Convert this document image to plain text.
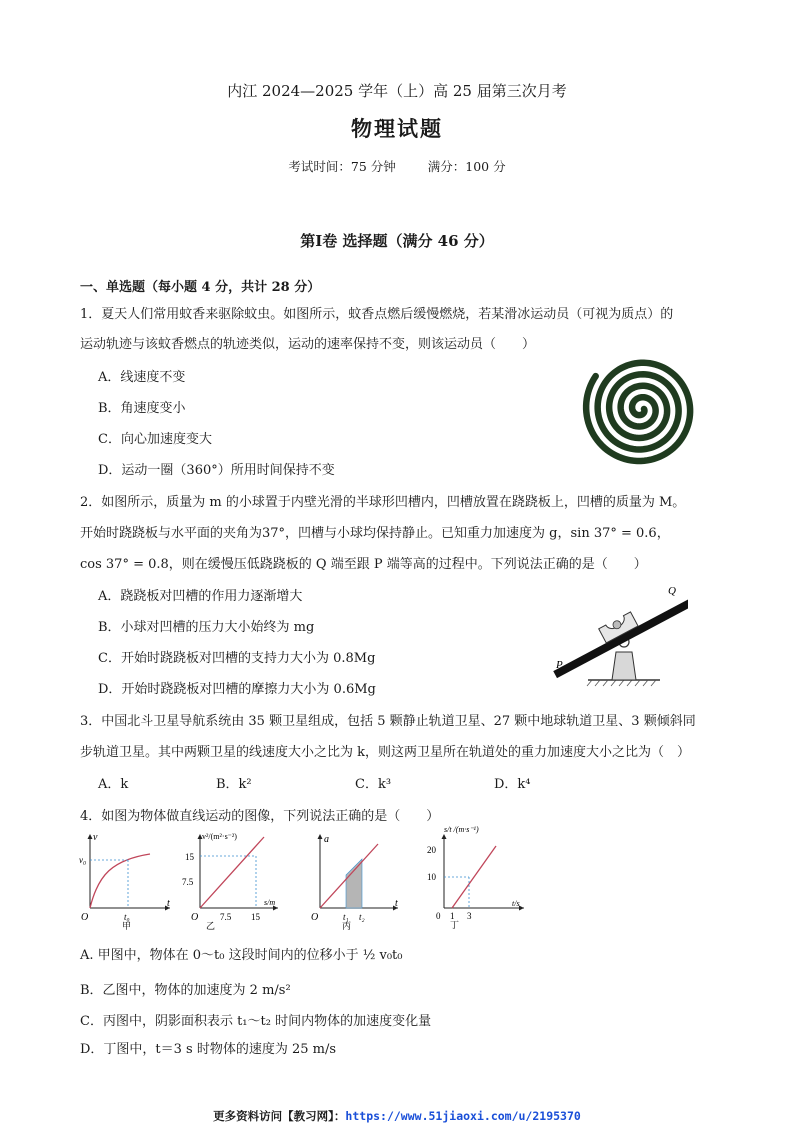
内江 2024—2025 学年（上）高 25 届第三次月考
物理试题
考试时间：75 分钟	满分：100 分
第Ⅰ卷 选择题（满分 46 分）
一、单选题（每小题 4 分，共计 28 分）
1．夏天人们常用蚊香来驱除蚊虫。如图所示，蚊香点燃后缓慢燃烧，若某滑冰运动员（可视为质点）的
运动轨迹与该蚊香燃点的轨迹类似，运动的速率保持不变，则该运动员（　　）
A．线速度不变
B．角速度变小
C．向心加速度变大
D．运动一圈（360°）所用时间保持不变
2．如图所示，质量为 m 的小球置于内壁光滑的半球形凹槽内，凹槽放置在跷跷板上，凹槽的质量为 M。
开始时跷跷板与水平面的夹角为37°，凹槽与小球均保持静止。已知重力加速度为 g，sin 37° = 0.6，
cos 37° = 0.8，则在缓慢压低跷跷板的 Q 端至跟 P 端等高的过程中。下列说法正确的是（　　）
A．跷跷板对凹槽的作用力逐渐增大
B．小球对凹槽的压力大小始终为 mg
C．开始时跷跷板对凹槽的支持力大小为 0.8Mg
D．开始时跷跷板对凹槽的摩擦力大小为 0.6Mg
P
Q
3．中国北斗卫星导航系统由 35 颗卫星组成，包括 5 颗静止轨道卫星、27 颗中地球轨道卫星、3 颗倾斜同
步轨道卫星。其中两颗卫星的线速度大小之比为 k，则这两卫星所在轨道处的重力加速度大小之比为（　）
A．k	B．k²	C．k³	D．k⁴
4．如图为物体做直线运动的图像，下列说法正确的是（　　）
v
v₀
O	t₀
t
甲
v²/(m²·s⁻²)
15
7.5
O 7.5 15
s/m
乙
a
O	t₁ t₂
t
丙
s/t /(m·s⁻¹)
20
10
0 1 3
t/s
丁
A. 甲图中，物体在 0～t₀ 这段时间内的位移小于 ½ v₀t₀
B．乙图中，物体的加速度为 2 m/s²
C．丙图中，阴影面积表示 t₁～t₂ 时间内物体的加速度变化量
D．丁图中，t＝3 s 时物体的速度为 25 m/s
更多资料访问【教习网】：https://www.51jiaoxi.com/u/2195370
